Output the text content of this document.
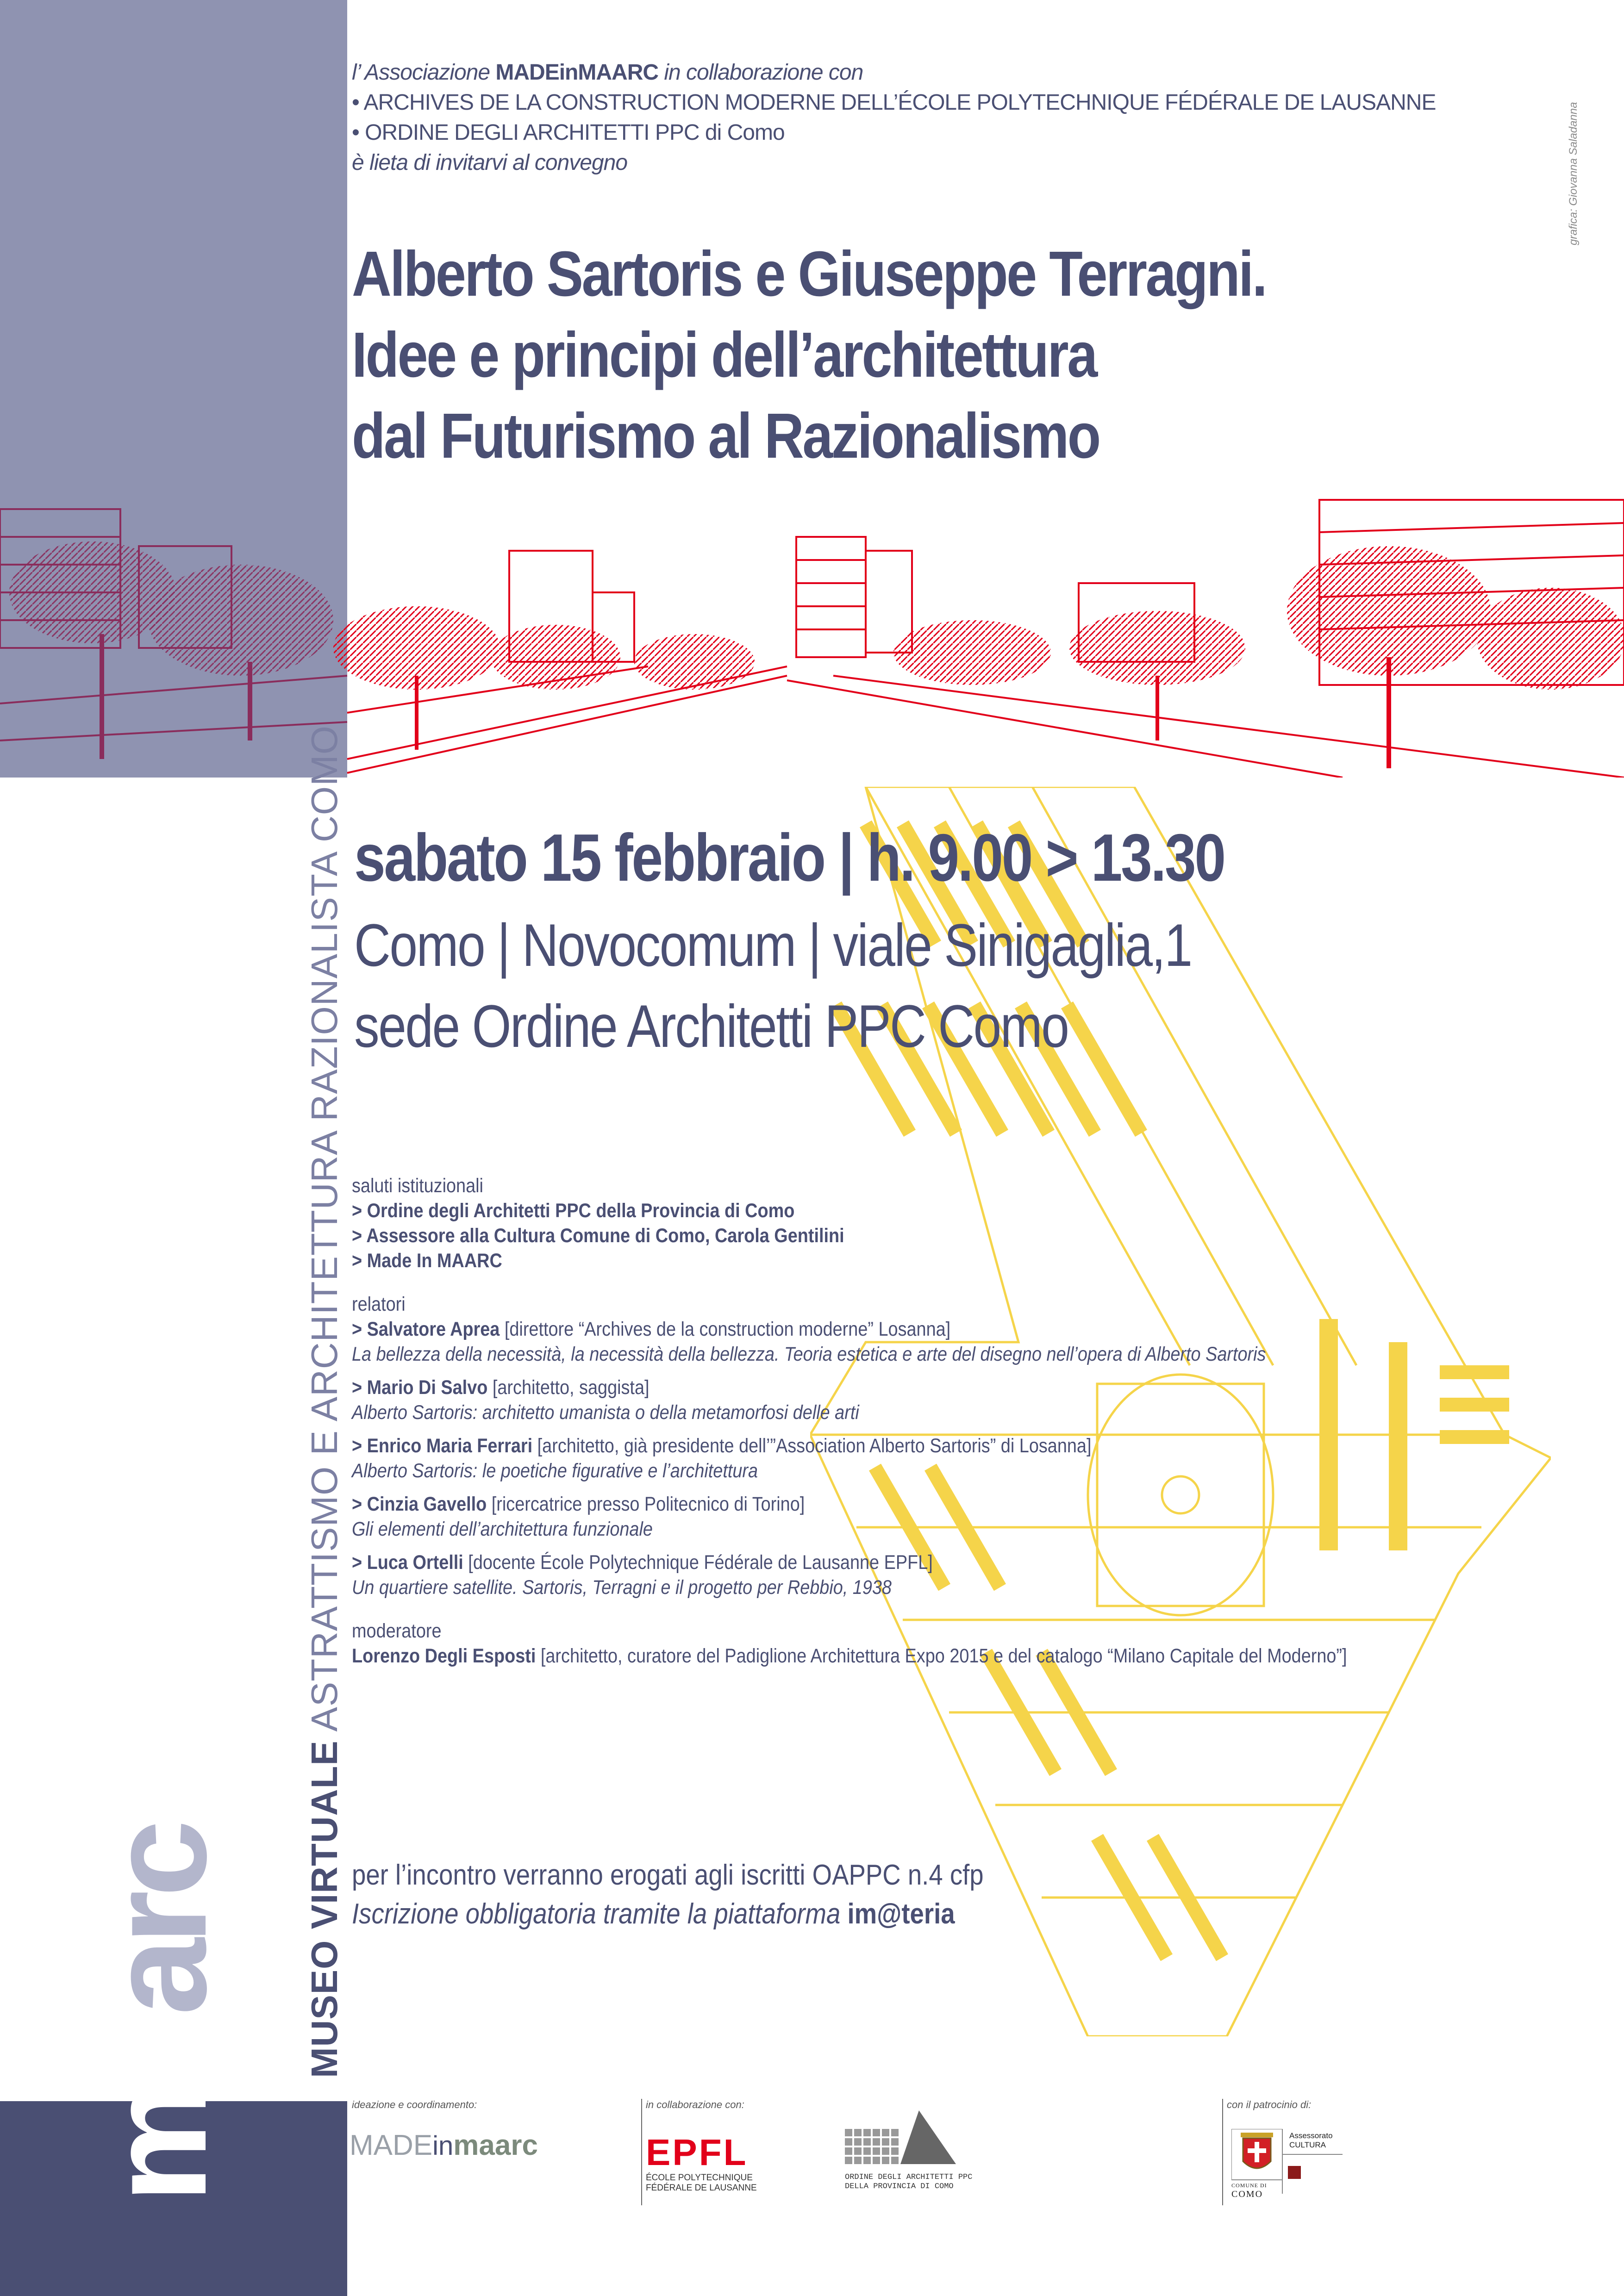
l’ Associazione MADEinMAARC in collaborazione con
• ARCHIVES DE LA CONSTRUCTION MODERNE DELL’ÉCOLE POLYTECHNIQUE FÉDÉRALE DE LAUSANNE
• ORDINE DEGLI ARCHITETTI PPC di Como
è lieta di invitarvi al convegno
Alberto Sartoris e Giuseppe Terragni.
Idee e principi dell’architettura
dal Futurismo al Razionalismo
grafica: Giovanna Saladanna
sabato 15 febbraio | h. 9.00 > 13.30
Como | Novocomum | viale Sinigaglia,1
sede Ordine Architetti PPC Como
saluti istituzionali
> Ordine degli Architetti PPC della Provincia di Como
> Assessore alla Cultura Comune di Como, Carola Gentilini
> Made In MAARC
relatori
> Salvatore Aprea [direttore “Archives de la construction moderne” Losanna]
La bellezza della necessità, la necessità della bellezza. Teoria estetica e arte del disegno nell’opera di Alberto Sartoris
> Mario Di Salvo [architetto, saggista]
Alberto Sartoris: architetto umanista o della metamorfosi delle arti
> Enrico Maria Ferrari [architetto, già presidente dell’”Association Alberto Sartoris” di Losanna]
Alberto Sartoris: le poetiche figurative e l’architettura
> Cinzia Gavello [ricercatrice presso Politecnico di Torino]
Gli elementi dell’architettura funzionale
> Luca Ortelli [docente École Polytechnique Fédérale de Lausanne EPFL]
Un quartiere satellite. Sartoris, Terragni e il progetto per Rebbio, 1938
moderatore
Lorenzo Degli Esposti [architetto, curatore del Padiglione Architettura Expo 2015 e del catalogo “Milano Capitale del Moderno”]
per l’incontro verranno erogati agli iscritti OAPPC n.4 cfp
Iscrizione obbligatoria tramite la piattaforma im@teria
MUSEO VIRTUALE ASTRATTISMO E ARCHITETTURA RAZIONALISTA COMO
maarc
ideazione e coordinamento:	in collaborazione con:	con il patrocinio di:
MADEinmaarc	EPFL
ÉCOLE POLYTECHNIQUE
FÉDÉRALE DE LAUSANNE
ORDINE DEGLI ARCHITETTI PPC
DELLA PROVINCIA DI COMO
Assessorato
CULTURA
COMUNE DI
COMO
